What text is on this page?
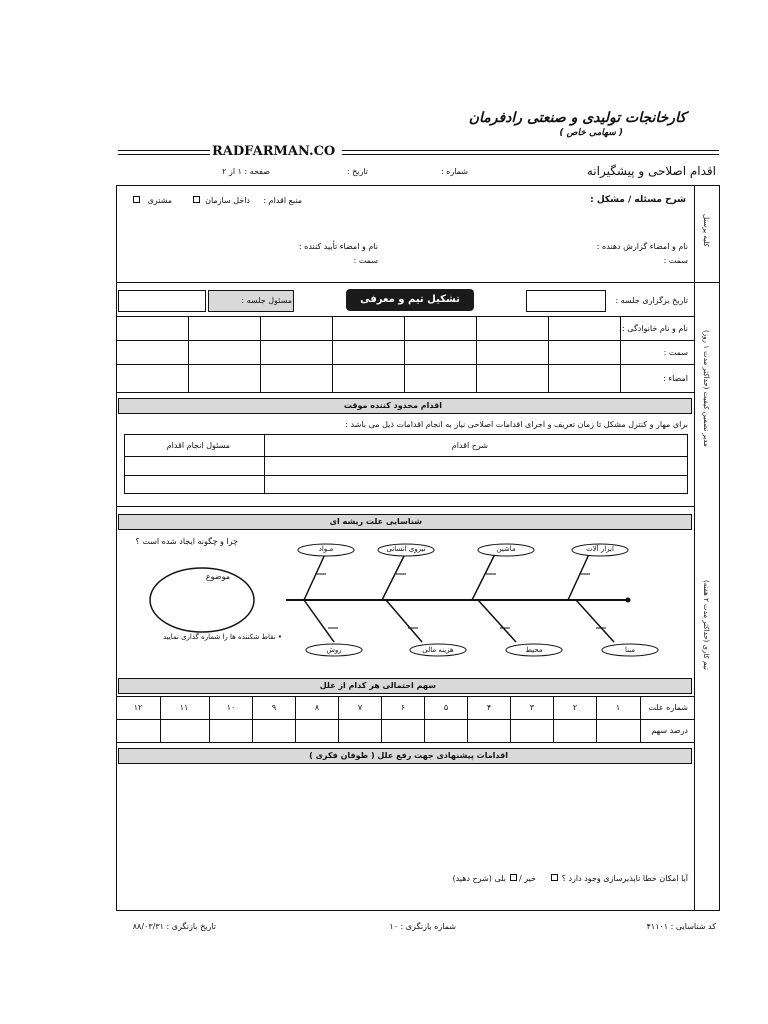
کارخانجات تولیدی و صنعتی رادفرمان
( سهامی خاص )
RADFARMAN.CO
اقدام اصلاحی و پیشگیرانه
شماره :
تاریخ :
صفحه : ۱ از ۲
کلیه پرسنل
شرح مسئله / مشکل :
منبع اقدام :
داخل سازمان
مشتری
نام و امضاء گزارش دهنده :
سمت :
نام و امضاء تأیید کننده :
سمت :
مدیر تضمین کیفیت (حداکثر مدت ۱ روز)
تاریخ برگزاری جلسه :
تشکیل تیم و معرفی اعضاء
مسئول جلسه :
نام و نام خانوادگی :
سمت :
امضاء :
اقدام محدود کننده موقت
برای مهار و کنترل مشکل تا زمان تعریف و اجرای اقدامات اصلاحی نیاز به انجام اقدامات ذیل می باشد :
شرح اقدام
مسئول انجام اقدام
تیم کاری (حداکثر مدت ۲ هفته)
شناسایی علت ریشه ای
چرا و چگونه ایجاد شده است ؟
موضوع
• نقاط شکننده ها را شماره گذاری نمایید
ابزار آلات
ماشین
نیروی انسانی
مـواد
مبنا
محیط
هزینه مالی
روش
سهم احتمالی هر کدام از علل
شماره علت
درصد سهم
۱
۲
۳
۴
۵
۶
۷
۸
۹
۱۰
۱۱
۱۲
اقدامات پیشنهادی جهت رفع علل ( طوفان فکری )
آیا امکان خطا ناپذیرسازی وجود دارد ؟
خیر /
بلی (شرح دهید)
کد شناسایی : ۴۱۱۰۱
شماره بازنگری : ۱۰
تاریخ بازنگری : ۸۸/۰۳/۳۱
